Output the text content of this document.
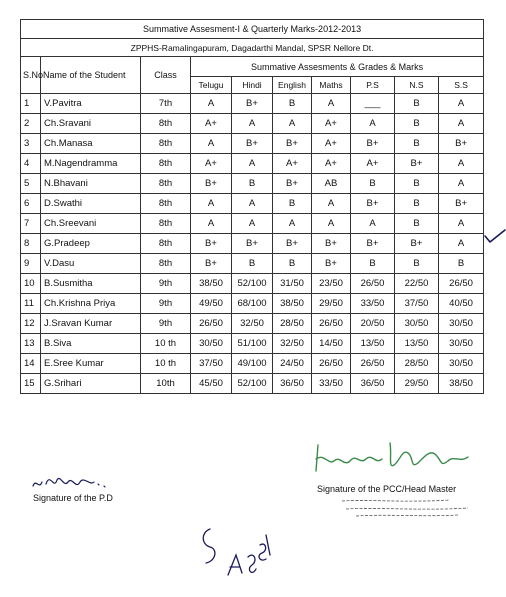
Summative Assesment-I & Quarterly Marks-2012-2013									
ZPPHS-Ramalingapuram, Dagadarthi Mandal, SPSR Nellore Dt.									
S.No	Name of the Student	Class	Summative Assesments & Grades & Marks						
			Telugu	Hindi	English	Maths	P.S	N.S	S.S
1	V.Pavitra	7th	A	B+	B	A	___	B	A
2	Ch.Sravani	8th	A+	A	A	A+	A	B	A
3	Ch.Manasa	8th	A	B+	B+	A+	B+	B	B+
4	M.Nagendramma	8th	A+	A	A+	A+	A+	B+	A
5	N.Bhavani	8th	B+	B	B+	AB	B	B	A
6	D.Swathi	8th	A	A	B	A	B+	B	B+
7	Ch.Sreevani	8th	A	A	A	A	A	B	A
8	G.Pradeep	8th	B+	B+	B+	B+	B+	B+	A
9	V.Dasu	8th	B+	B	B	B+	B	B	B
10	B.Susmitha	9th	38/50	52/100	31/50	23/50	26/50	22/50	26/50
11	Ch.Krishna Priya	9th	49/50	68/100	38/50	29/50	33/50	37/50	40/50
12	J.Sravan Kumar	9th	26/50	32/50	28/50	26/50	20/50	30/50	30/50
13	B.Siva	10 th	30/50	51/100	32/50	14/50	13/50	13/50	30/50
14	E.Sree Kumar	10 th	37/50	49/100	24/50	26/50	26/50	28/50	30/50
15	G.Srihari	10th	45/50	52/100	36/50	33/50	36/50	29/50	38/50
Signature of the P.D
Signature of the PCC/Head Master
